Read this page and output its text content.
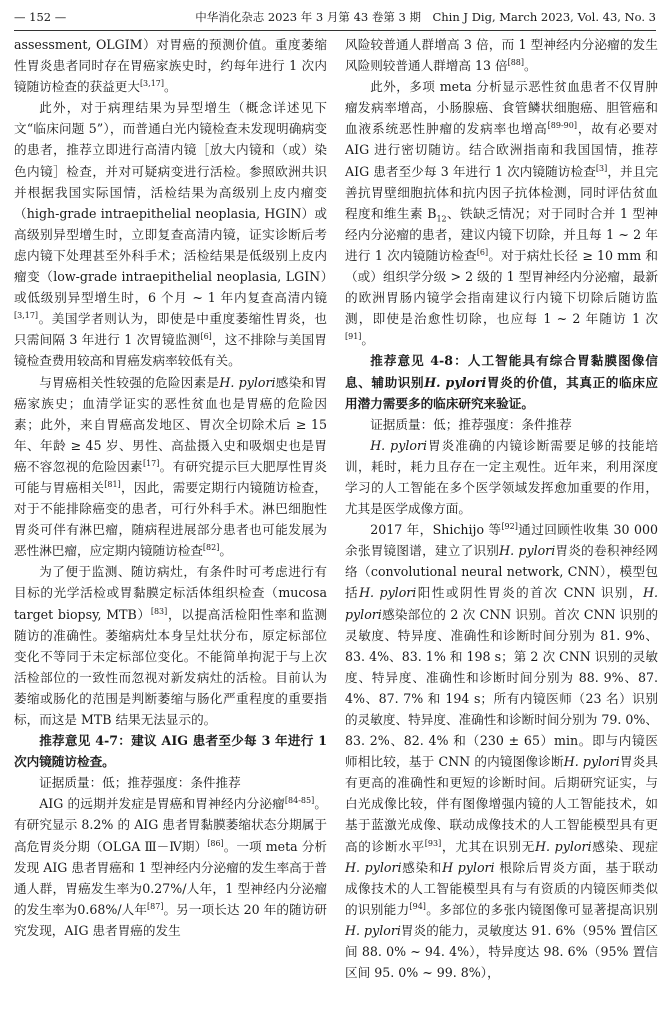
— 152 —	中华消化杂志 2023 年 3 月第 43 卷第 3 期　Chin J Dig, March 2023, Vol. 43, No. 3

assessment, OLGIM）对胃癌的预测价值。重度萎缩性胃炎患者同时存在胃癌家族史时，约每年进行 1 次内镜随访检查的获益更大[3,17]。

此外，对于病理结果为异型增生（概念详述见下文“临床问题 5”），而普通白光内镜检查未发现明确病变的患者，推荐立即进行高清内镜［放大内镜和（或）染色内镜］检查，并对可疑病变进行活检。参照欧洲共识并根据我国实际国情，活检结果为高级别上皮内瘤变（high-grade intraepithelial neoplasia, HGIN）或高级别异型增生时，立即复查高清内镜，证实诊断后考虑内镜下处理甚至外科手术；活检结果是低级别上皮内瘤变（low-grade intraepithelial neoplasia, LGIN）或低级别异型增生时，6 个月 ~ 1 年内复查高清内镜[3,17]。美国学者则认为，即使是中重度萎缩性胃炎，也只需间隔 3 年进行 1 次胃镜监测[6]，这不排除与美国胃镜检查费用较高和胃癌发病率较低有关。

与胃癌相关性较强的危险因素是H. pylori感染和胃癌家族史；血清学证实的恶性贫血也是胃癌的危险因素；此外，来自胃癌高发地区、胃次全切除术后 ≥ 15 年、年龄 ≥ 45 岁、男性、高盐摄入史和吸烟史也是胃癌不容忽视的危险因素[17]。有研究提示巨大肥厚性胃炎可能与胃癌相关[81]，因此，需要定期行内镜随访检查，对于不能排除癌变的患者，可行外科手术。淋巴细胞性胃炎可伴有淋巴瘤，随病程进展部分患者也可能发展为恶性淋巴瘤，应定期内镜随访检查[82]。

为了便于监测、随访病灶，有条件时可考虑进行有目标的光学活检或胃黏膜定标活体组织检查（mucosa target biopsy, MTB）[83]，以提高活检阳性率和监测随访的准确性。萎缩病灶本身呈灶状分布，原定标部位变化不等同于未定标部位变化。不能简单拘泥于与上次活检部位的一致性而忽视对新发病灶的活检。目前认为萎缩或肠化的范围是判断萎缩与肠化严重程度的重要指标，而这是 MTB 结果无法显示的。

推荐意见 4-7：建议 AIG 患者至少每 3 年进行 1 次内镜随访检查。

证据质量：低；推荐强度：条件推荐

AIG 的远期并发症是胃癌和胃神经内分泌瘤[84-85]。有研究显示 8.2% 的 AIG 患者胃黏膜萎缩状态分期属于高危胃炎分期（OLGA Ⅲ－Ⅳ期）[86]。一项 meta 分析发现 AIG 患者胃癌和 1 型神经内分泌瘤的发生率高于普通人群，胃癌发生率为0.27%/人年，1 型神经内分泌瘤的发生率为0.68%/人年[87]。另一项长达 20 年的随访研究发现，AIG 患者胃癌的发生

风险较普通人群增高 3 倍，而 1 型神经内分泌瘤的发生风险则较普通人群增高 13 倍[88]。

此外，多项 meta 分析显示恶性贫血患者不仅胃肿瘤发病率增高，小肠腺癌、食管鳞状细胞癌、胆管癌和血液系统恶性肿瘤的发病率也增高[89-90]，故有必要对 AIG 进行密切随访。结合欧洲指南和我国国情，推荐 AIG 患者至少每 3 年进行 1 次内镜随访检查[3]，并且完善抗胃壁细胞抗体和抗内因子抗体检测，同时评估贫血程度和维生素 $B_{12}$、铁缺乏情况；对于同时合并 1 型神经内分泌瘤的患者，建议内镜下切除，并且每 1 ~ 2 年进行 1 次内镜随访检查[6]。对于病灶长径 ≥ 10 mm 和（或）组织学分级 > 2 级的 1 型胃神经内分泌瘤，最新的欧洲胃肠内镜学会指南建议行内镜下切除后随访监测，即使是治愈性切除，也应每 1 ~ 2 年随访 1 次[91]。

推荐意见 4-8：人工智能具有综合胃黏膜图像信息、辅助识别H. pylori胃炎的价值，其真正的临床应用潜力需要多的临床研究来验证。

证据质量：低；推荐强度：条件推荐

H. pylori胃炎准确的内镜诊断需要足够的技能培训，耗时，耗力且存在一定主观性。近年来，利用深度学习的人工智能在多个医学领域发挥愈加重要的作用，尤其是医学成像方面。

2017 年，Shichijo 等[92]通过回顾性收集 30 000 余张胃镜图谱，建立了识别H. pylori胃炎的卷积神经网络（convolutional neural network, CNN），模型包括H. pylori阳性或阴性胃炎的首次 CNN 识别，H. pylori感染部位的 2 次 CNN 识别。首次 CNN 识别的灵敏度、特异度、准确性和诊断时间分别为 81. 9%、83. 4%、83. 1% 和 198 s；第 2 次 CNN 识别的灵敏度、特异度、准确性和诊断时间分别为 88. 9%、87. 4%、87. 7% 和 194 s；所有内镜医师（23 名）识别的灵敏度、特异度、准确性和诊断时间分别为 79. 0%、83. 2%、82. 4% 和（230 ± 65）min。即与内镜医师相比较，基于 CNN 的内镜图像诊断H. pylori胃炎具有更高的准确性和更短的诊断时间。后期研究证实，与白光成像比较，伴有图像增强内镜的人工智能技术，如基于蓝激光成像、联动成像技术的人工智能模型具有更高的诊断水平[93]，尤其在识别无H. pylori感染、现症H. pylori感染和H pylori 根除后胃炎方面，基于联动成像技术的人工智能模型具有与有资质的内镜医师类似的识别能力[94]。多部位的多张内镜图像可显著提高识别H. pylori胃炎的能力，灵敏度达 91. 6%（95% 置信区间 88. 0% ~ 94. 4%），特异度达 98. 6%（95% 置信区间 95. 0% ~ 99. 8%），
